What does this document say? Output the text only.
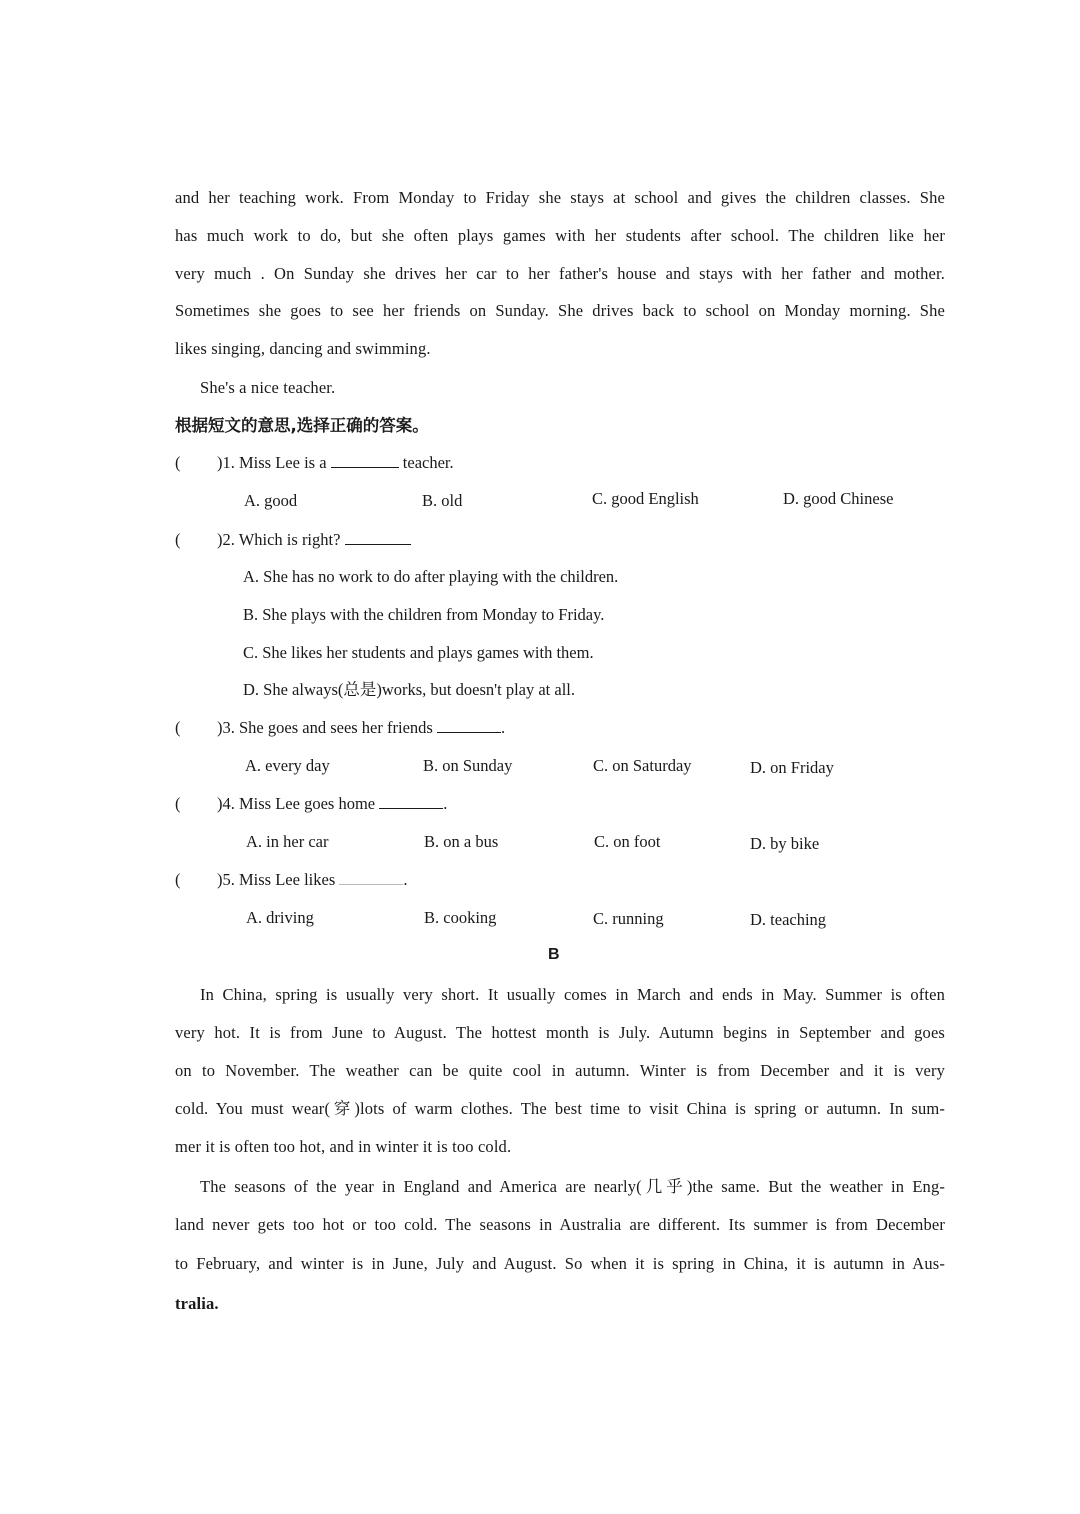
and her teaching work. From Monday to Friday she stays at school and gives the children classes. She
has much work to do, but she often plays games with her students after school. The children like her
very much . On Sunday she drives her car to her father's house and stays with her father and mother.
Sometimes she goes to see her friends on Sunday. She drives back to school on Monday morning. She
likes singing, dancing and swimming.
She's a nice teacher.
根据短文的意思,选择正确的答案。
( )1. Miss Lee is a	teacher.
A. good	B. old	C. good English	D. good Chinese
( )2. Which is right?
A. She has no work to do after playing with the children.
B. She plays with the children from Monday to Friday.
C. She likes her students and plays games with them.
D. She always(总是)works, but doesn't play at all.
( )3. She goes and sees her friends	.
A. every day	B. on Sunday	C. on Saturday	D. on Friday
( )4. Miss Lee goes home	.
A. in her car	B. on a bus	C. on foot	D. by bike
( )5. Miss Lee likes	.
A. driving	B. cooking	C. running	D. teaching
B
In China, spring is usually very short. It usually comes in March and ends in May. Summer is often
very hot. It is from June to August. The hottest month is July. Autumn begins in September and goes
on to November. The weather can be quite cool in autumn. Winter is from December and it is very
cold. You must wear(穿)lots of warm clothes. The best time to visit China is spring or autumn. In sum-
mer it is often too hot, and in winter it is too cold.
The seasons of the year in England and America are nearly(几乎)the same. But the weather in Eng-
land never gets too hot or too cold. The seasons in Australia are different. Its summer is from December
to February, and winter is in June, July and August. So when it is spring in China, it is autumn in Aus-
tralia.
